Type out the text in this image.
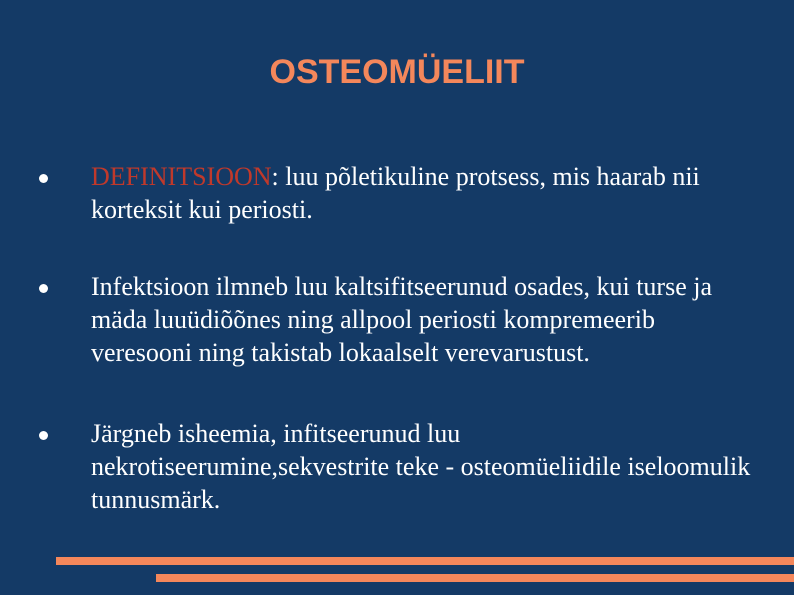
OSTEOMÜELIIT
DEFINITSIOON: luu põletikuline protsess, mis haarab nii korteksit kui periosti.
Infektsioon ilmneb luu kaltsifitseerunud osades, kui turse ja mäda luuüdiõõnes ning allpool periosti kompremeerib veresooni ning takistab lokaalselt verevarustust.
Järgneb isheemia, infitseerunud luu nekrotiseerumine,sekvestrite teke - osteomüeliidile iseloomulik tunnusmärk.
